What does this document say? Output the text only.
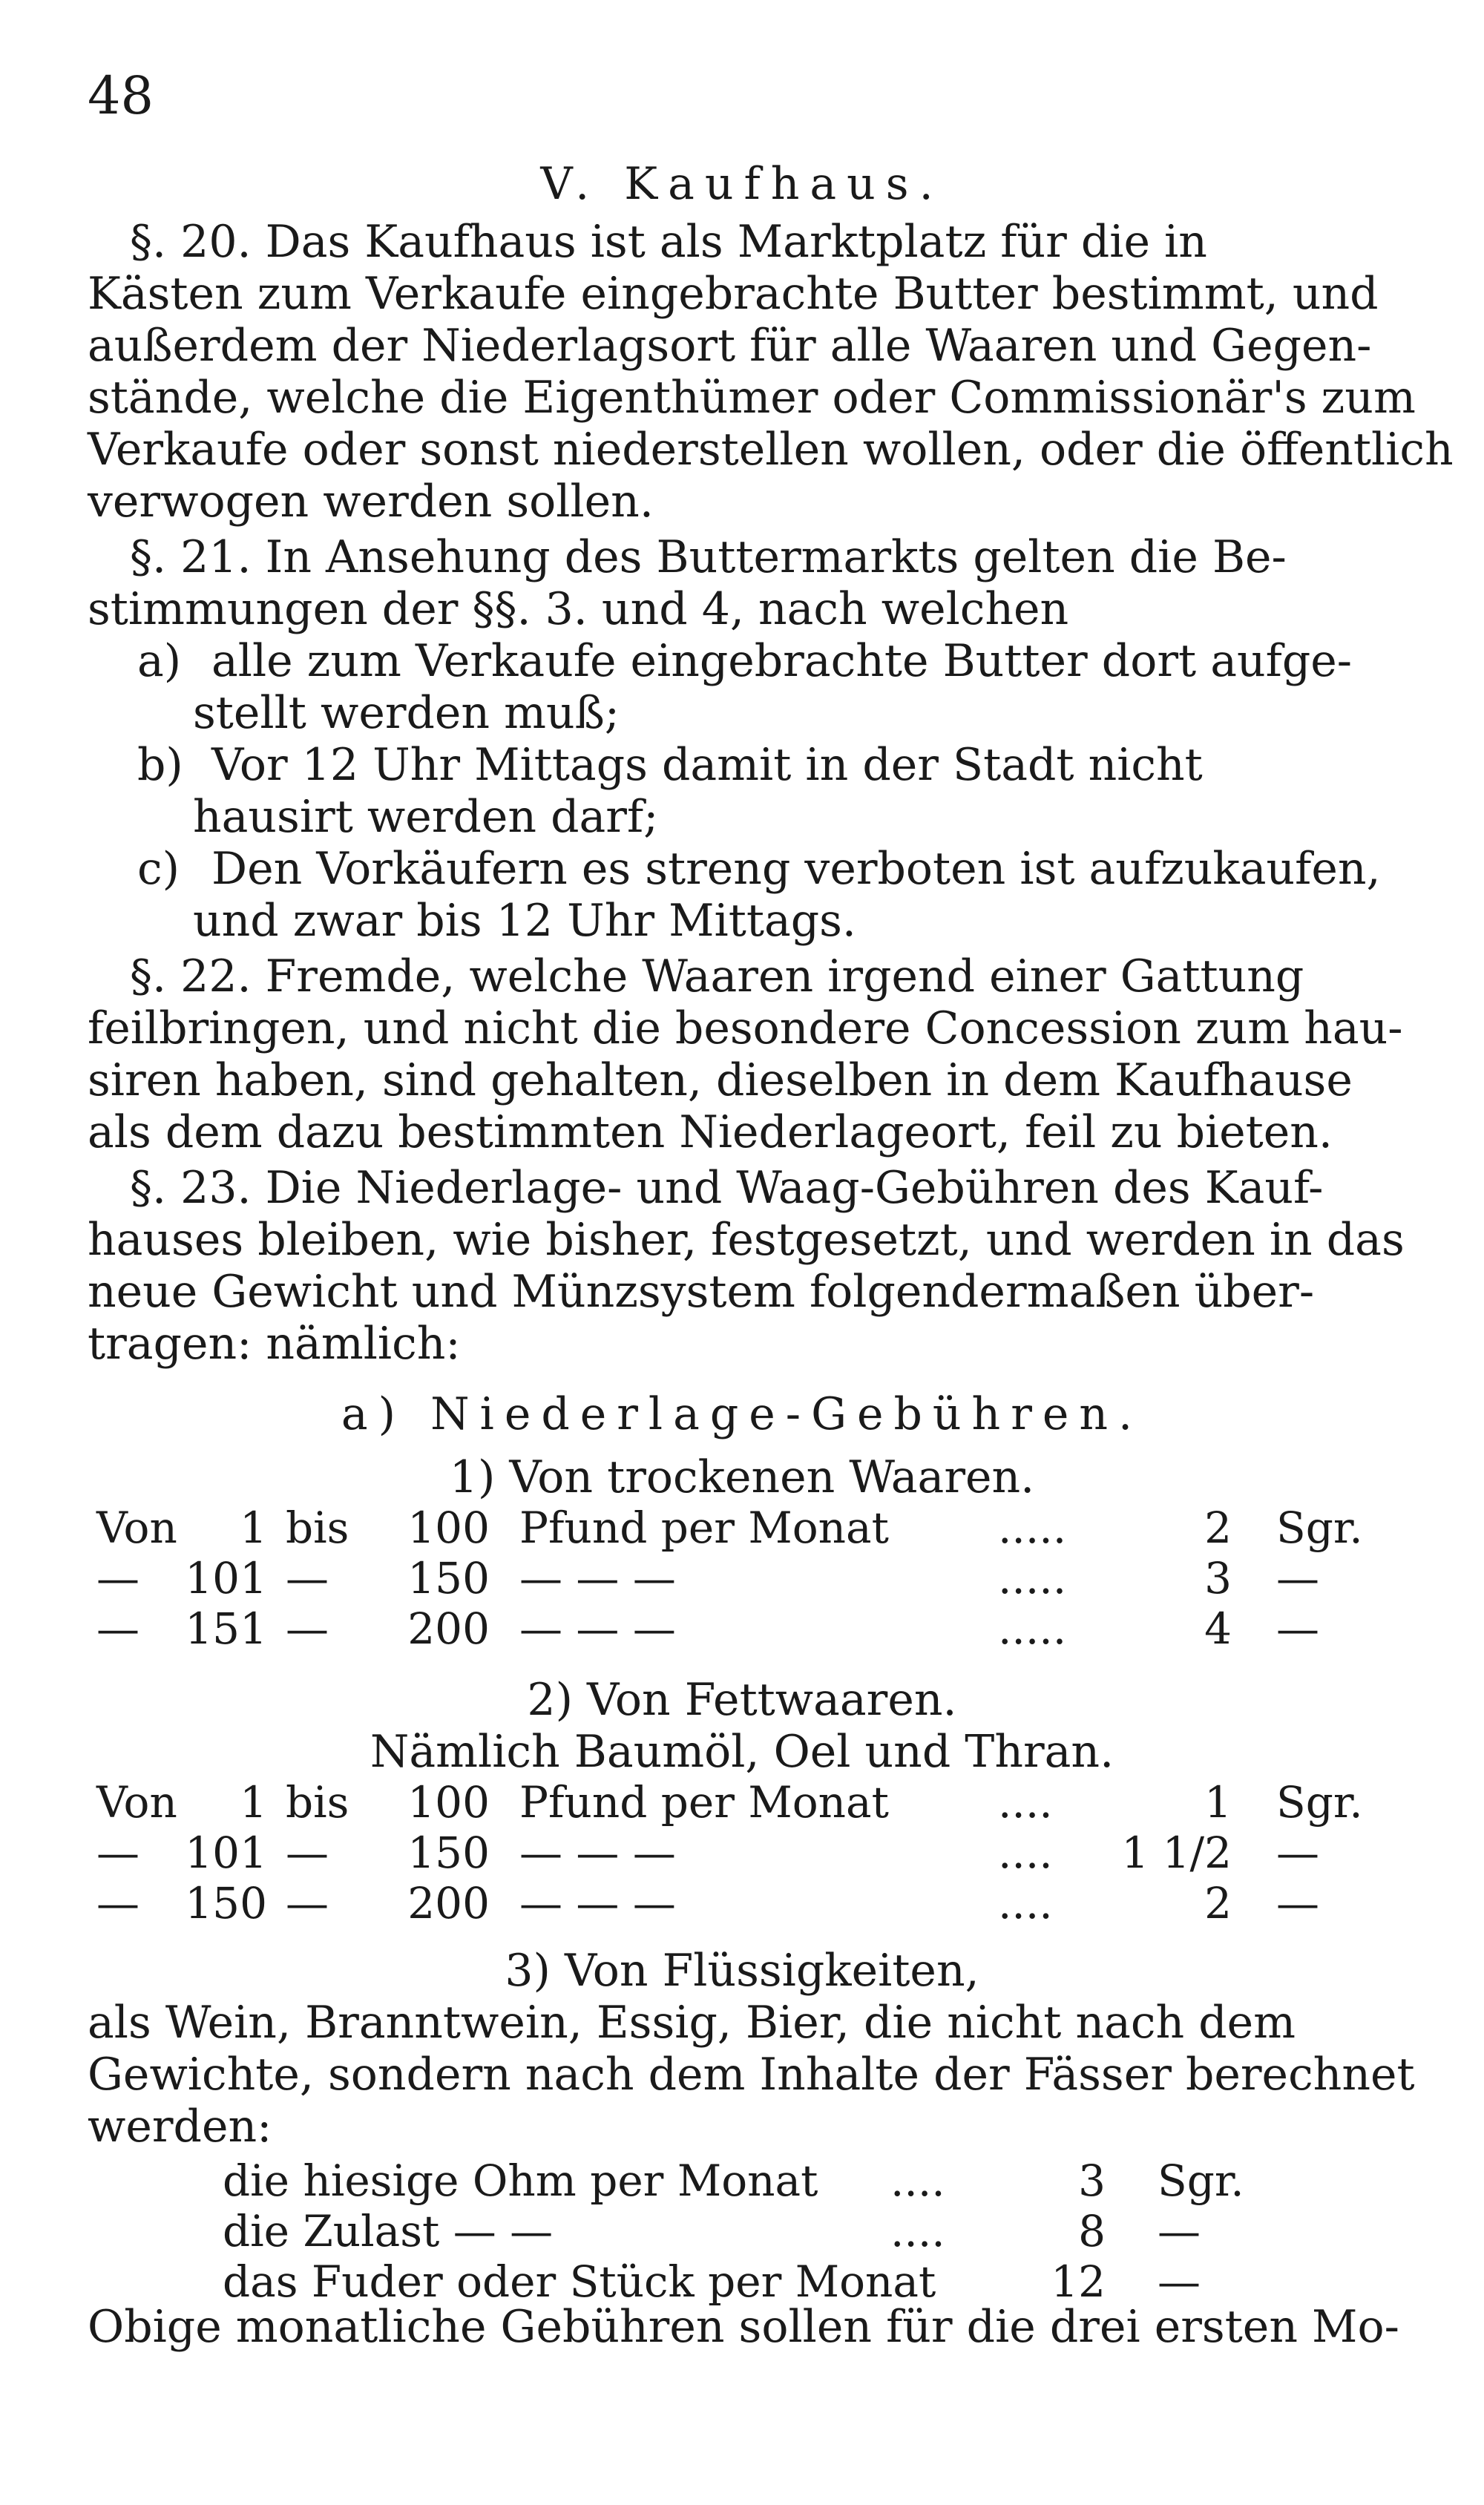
48
V. Kaufhaus.
§. 20. Das Kaufhaus ist als Marktplatz für die in
Kästen zum Verkaufe eingebrachte Butter bestimmt, und
außerdem der Niederlagsort für alle Waaren und Gegen-
stände, welche die Eigenthümer oder Commissionär's zum
Verkaufe oder sonst niederstellen wollen, oder die öffentlich
verwogen werden sollen.
§. 21. In Ansehung des Buttermarkts gelten die Be-
stimmungen der §§. 3. und 4, nach welchen
a) alle zum Verkaufe eingebrachte Butter dort aufge-
stellt werden muß;
b) Vor 12 Uhr Mittags damit in der Stadt nicht
hausirt werden darf;
c) Den Vorkäufern es streng verboten ist aufzukaufen,
und zwar bis 12 Uhr Mittags.
§. 22. Fremde, welche Waaren irgend einer Gattung
feilbringen, und nicht die besondere Concession zum hau-
siren haben, sind gehalten, dieselben in dem Kaufhause
als dem dazu bestimmten Niederlageort, feil zu bieten.
§. 23. Die Niederlage- und Waag-Gebühren des Kauf-
hauses bleiben, wie bisher, festgesetzt, und werden in das
neue Gewicht und Münzsystem folgendermaßen über-
tragen: nämlich:
a) Niederlage-Gebühren.
1) Von trockenen Waaren.
Von	1 bis	100 Pfund per Monat	.....	2 Sgr.
—	101 —	150 — — —	.....	3 —
—	151 —	200 — — —	.....	4 —
2) Von Fettwaaren.
Nämlich Baumöl, Oel und Thran.
Von	1 bis	100 Pfund per Monat	....	1 Sgr.
—	101 —	150 — — —	....	1 1/2 —
—	150 —	200 — — —	....	2 —
3) Von Flüssigkeiten,
als Wein, Branntwein, Essig, Bier, die nicht nach dem
Gewichte, sondern nach dem Inhalte der Fässer berechnet
werden:
die hiesige Ohm per Monat ....	3 Sgr.
die Zulast — —	....	8 —
das Fuder oder Stück per Monat	12 —
Obige monatliche Gebühren sollen für die drei ersten Mo-
